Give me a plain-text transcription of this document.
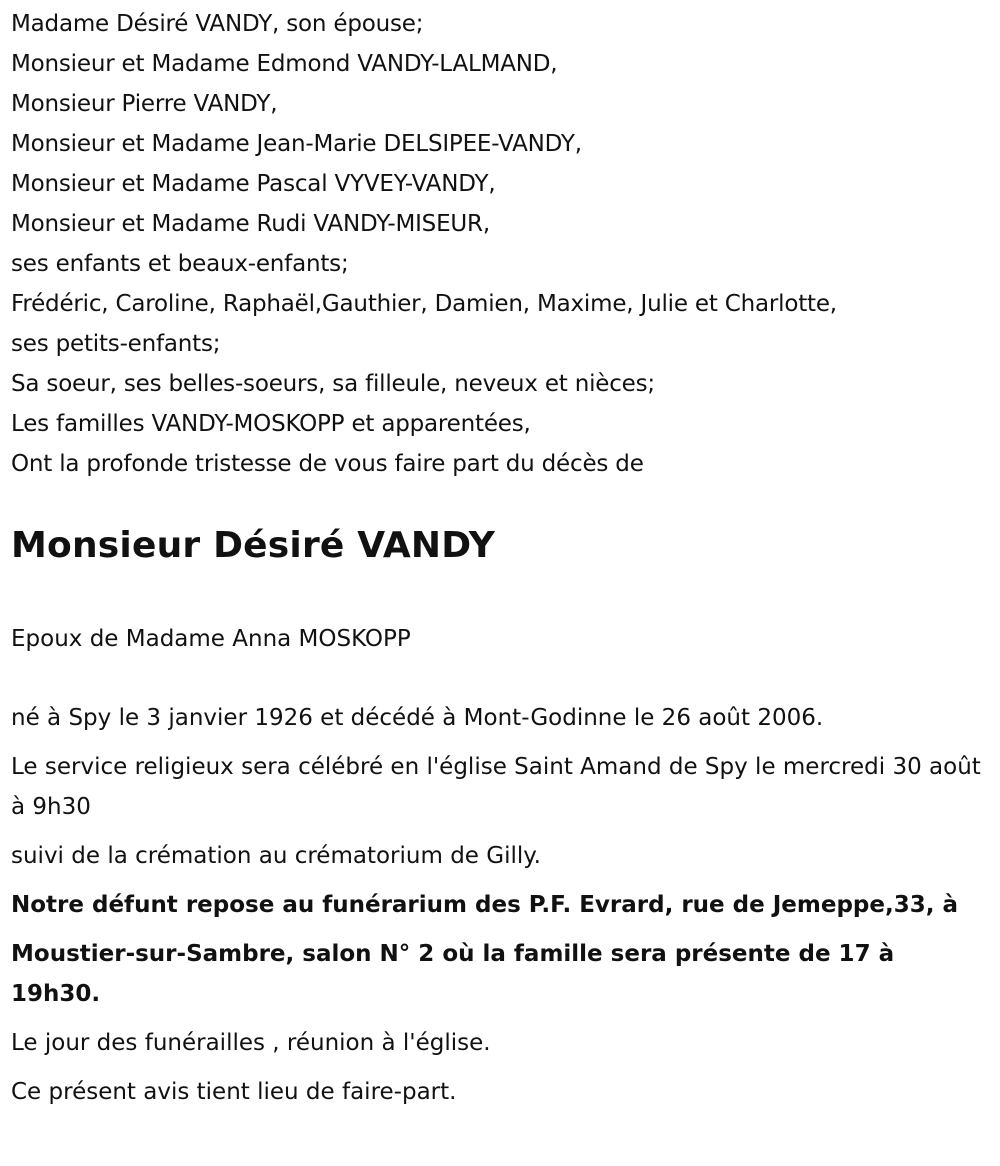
Madame Désiré VANDY, son épouse;
Monsieur et Madame Edmond VANDY-LALMAND,
Monsieur Pierre VANDY,
Monsieur et Madame Jean-Marie DELSIPEE-VANDY,
Monsieur et Madame Pascal VYVEY-VANDY,
Monsieur et Madame Rudi VANDY-MISEUR,
ses enfants et beaux-enfants;
Frédéric, Caroline, Raphaël,Gauthier, Damien, Maxime, Julie et Charlotte,
ses petits-enfants;
Sa soeur, ses belles-soeurs, sa filleule, neveux et nièces;
Les familles VANDY-MOSKOPP et apparentées,
Ont la profonde tristesse de vous faire part du décès de
Monsieur Désiré VANDY

Epoux de Madame Anna MOSKOPP

né à Spy le 3 janvier 1926 et décédé à Mont-Godinne le 26 août 2006.

Le service religieux sera célébré en l'église Saint Amand de Spy le mercredi 30 août à 9h30

suivi de la crémation au crématorium de Gilly.

Notre défunt repose au funérarium des P.F. Evrard, rue de Jemeppe,33, à

Moustier-sur-Sambre, salon N° 2 où la famille sera présente de 17 à 19h30.

Le jour des funérailles , réunion à l'église.

Ce présent avis tient lieu de faire-part.
